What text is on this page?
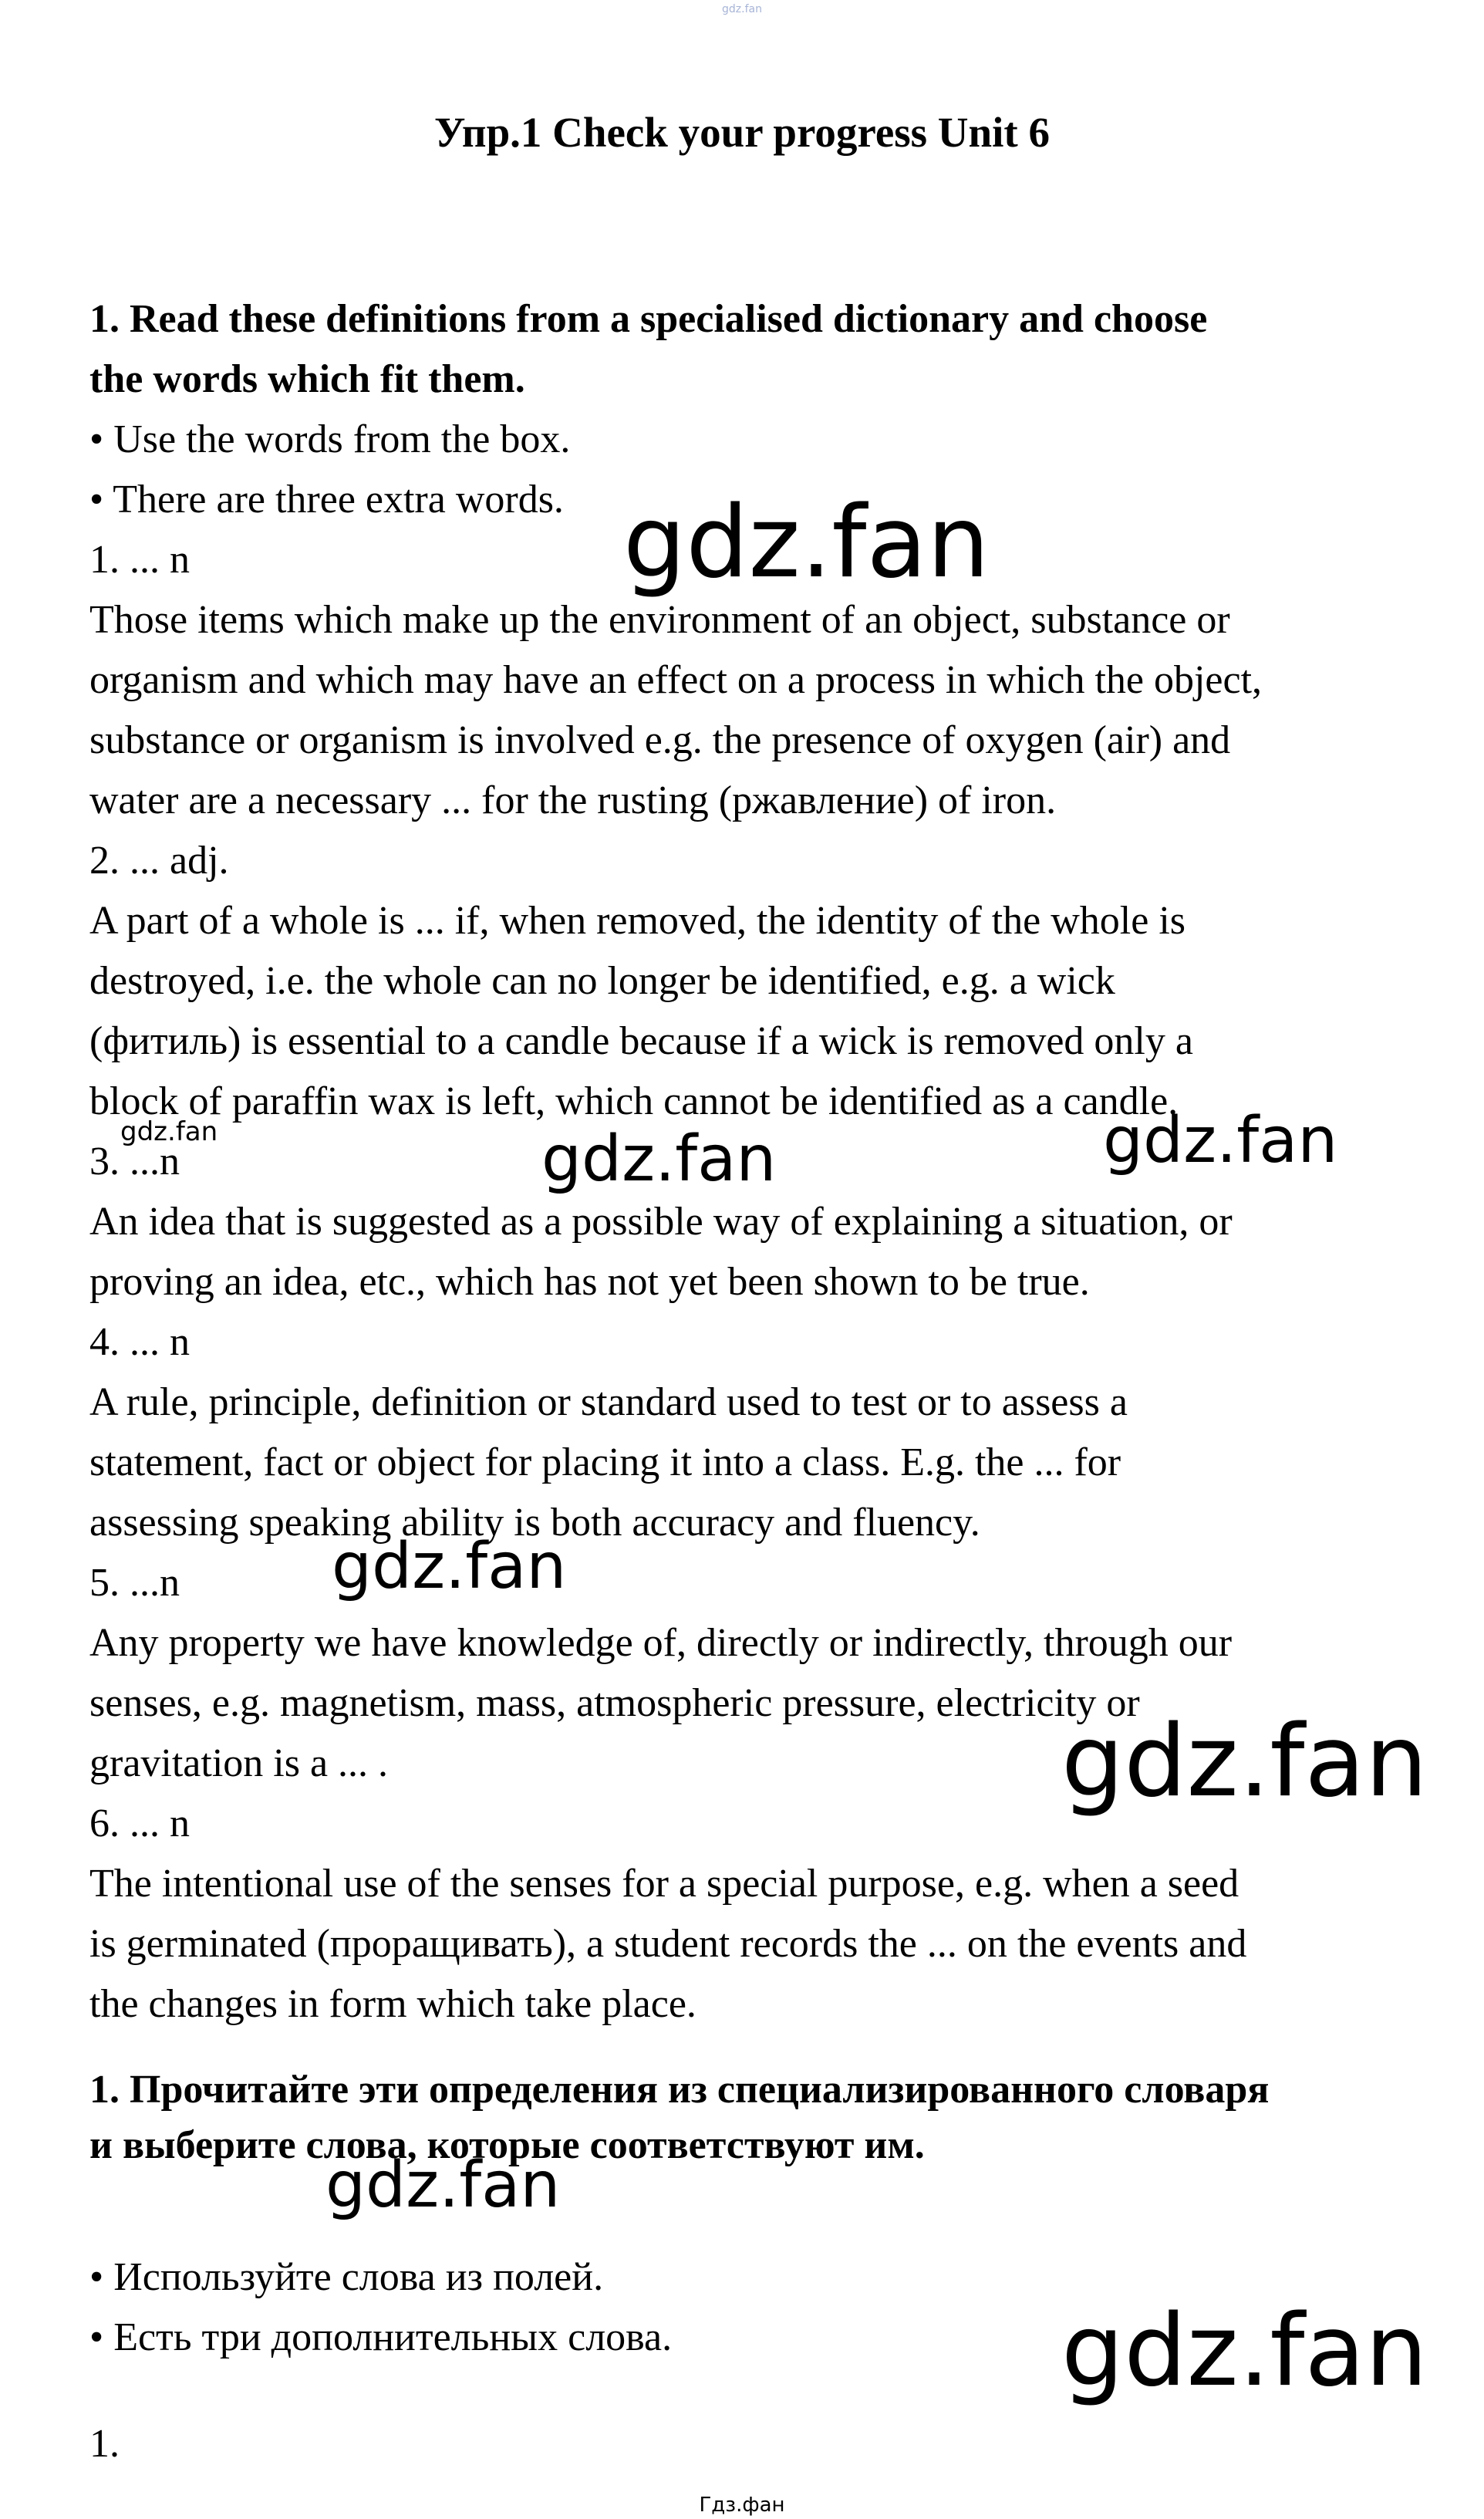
gdz.fan
Упр.1 Check your progress Unit 6
1. Read these definitions from a specialised dictionary and choose
the words which fit them.
• Use the words from the box.
• There are three extra words.
1. ... n
Those items which make up the environment of an object, substance or
organism and which may have an effect on a process in which the object,
substance or organism is involved e.g. the presence of oxygen (air) and
water are a necessary ... for the rusting (ржавление) of iron.
2. ... adj.
A part of a whole is ... if, when removed, the identity of the whole is
destroyed, i.e. the whole can no longer be identified, e.g. a wick
(фитиль) is essential to a candle because if a wick is removed only a
block of paraffin wax is left, which cannot be identified as a candle.
3. ...n
An idea that is suggested as a possible way of explaining a situation, or
proving an idea, etc., which has not yet been shown to be true.
4. ... n
A rule, principle, definition or standard used to test or to assess a
statement, fact or object for placing it into a class. E.g. the ... for
assessing speaking ability is both accuracy and fluency.
5. ...n
Any property we have knowledge of, directly or indirectly, through our
senses, e.g. magnetism, mass, atmospheric pressure, electricity or
gravitation is a ... .
6. ... n
The intentional use of the senses for a special purpose, e.g. when a seed
is germinated (проращивать), a student records the ... on the events and
the changes in form which take place.
1. Прочитайте эти определения из специализированного словаря
и выберите слова, которые соответствуют им.
• Используйте слова из полей.
• Есть три дополнительных слова.
1.
gdz.fan
gdz.fan	gdz.fan	gdz.fan
gdz.fan
gdz.fan
gdz.fan
gdz.fan
Гдз.фан
